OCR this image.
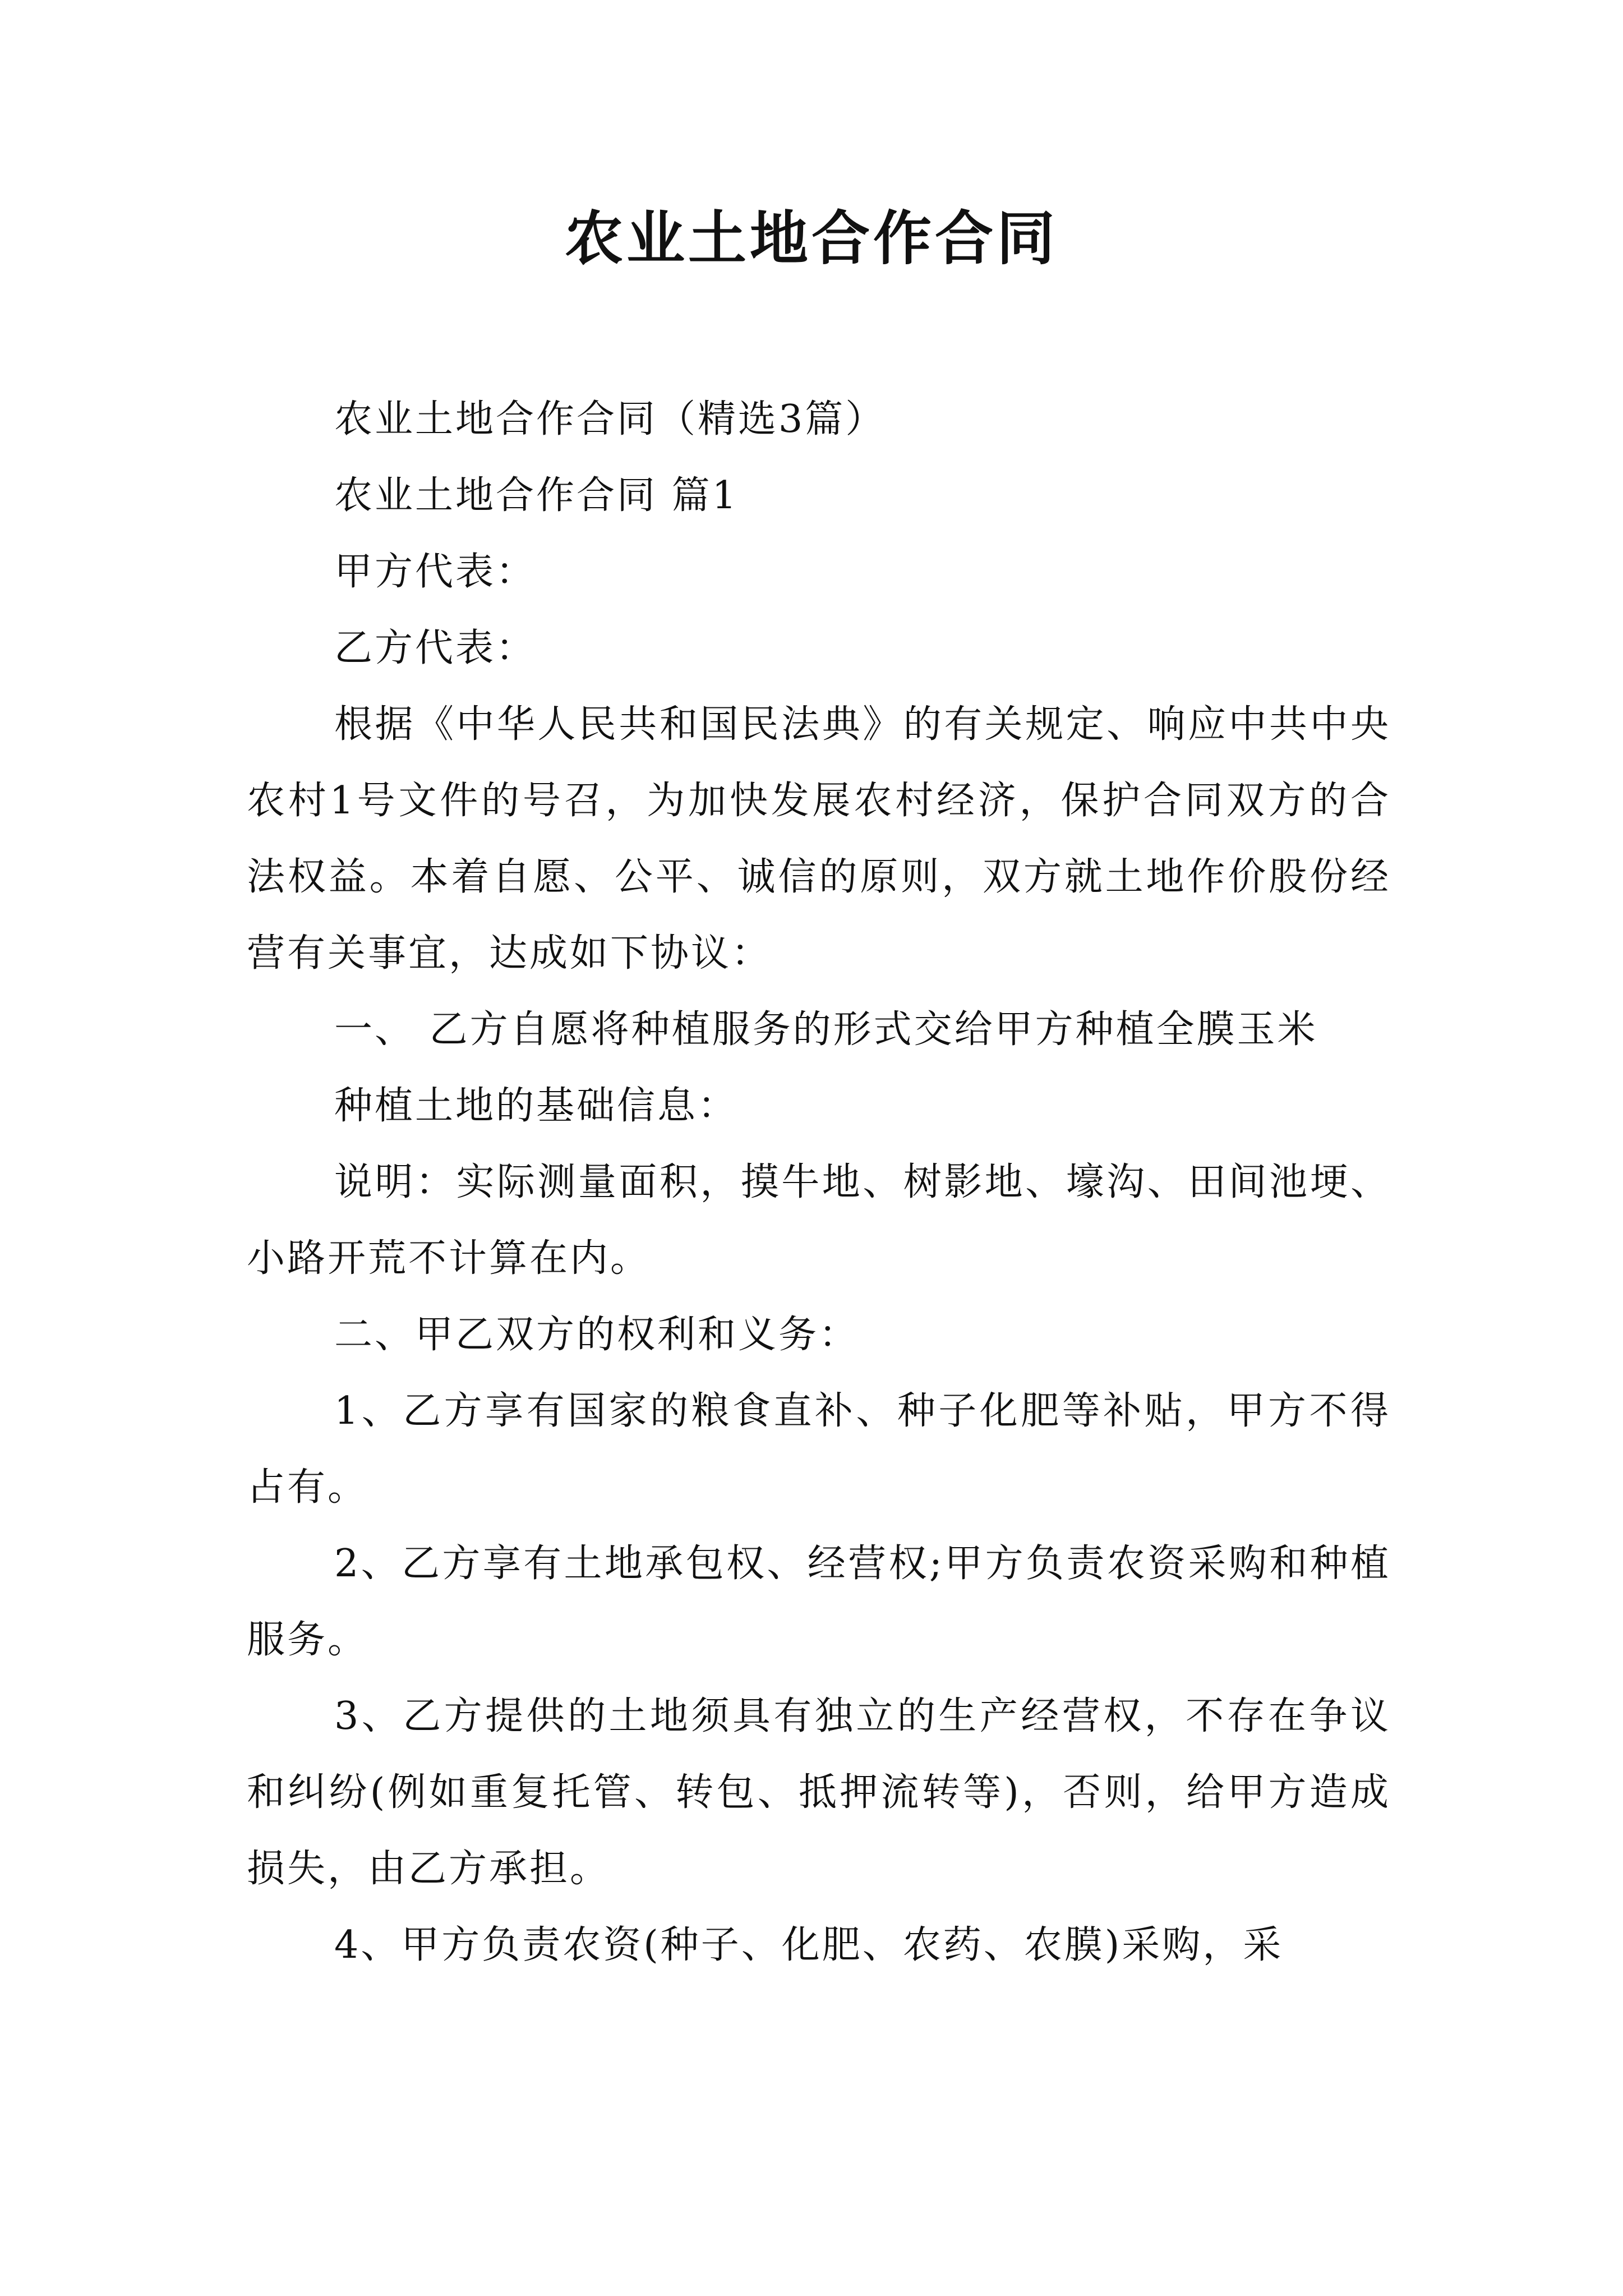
农业土地合作合同

农业土地合作合同（精选3篇）

农业土地合作合同 篇1

甲方代表：

乙方代表：

根据《中华人民共和国民法典》的有关规定、响应中共中央农村1号文件的号召，为加快发展农村经济，保护合同双方的合法权益。本着自愿、公平、诚信的原则，双方就土地作价股份经营有关事宜，达成如下协议：

一、 乙方自愿将种植服务的形式交给甲方种植全膜玉米

种植土地的基础信息：

说明：实际测量面积，摸牛地、树影地、壕沟、田间池埂、小路开荒不计算在内。

二、甲乙双方的权利和义务：

1、乙方享有国家的粮食直补、种子化肥等补贴，甲方不得占有。

2、乙方享有土地承包权、经营权;甲方负责农资采购和种植服务。

3、乙方提供的土地须具有独立的生产经营权，不存在争议和纠纷(例如重复托管、转包、抵押流转等)，否则，给甲方造成损失，由乙方承担。

4、甲方负责农资(种子、化肥、农药、农膜)采购，采
